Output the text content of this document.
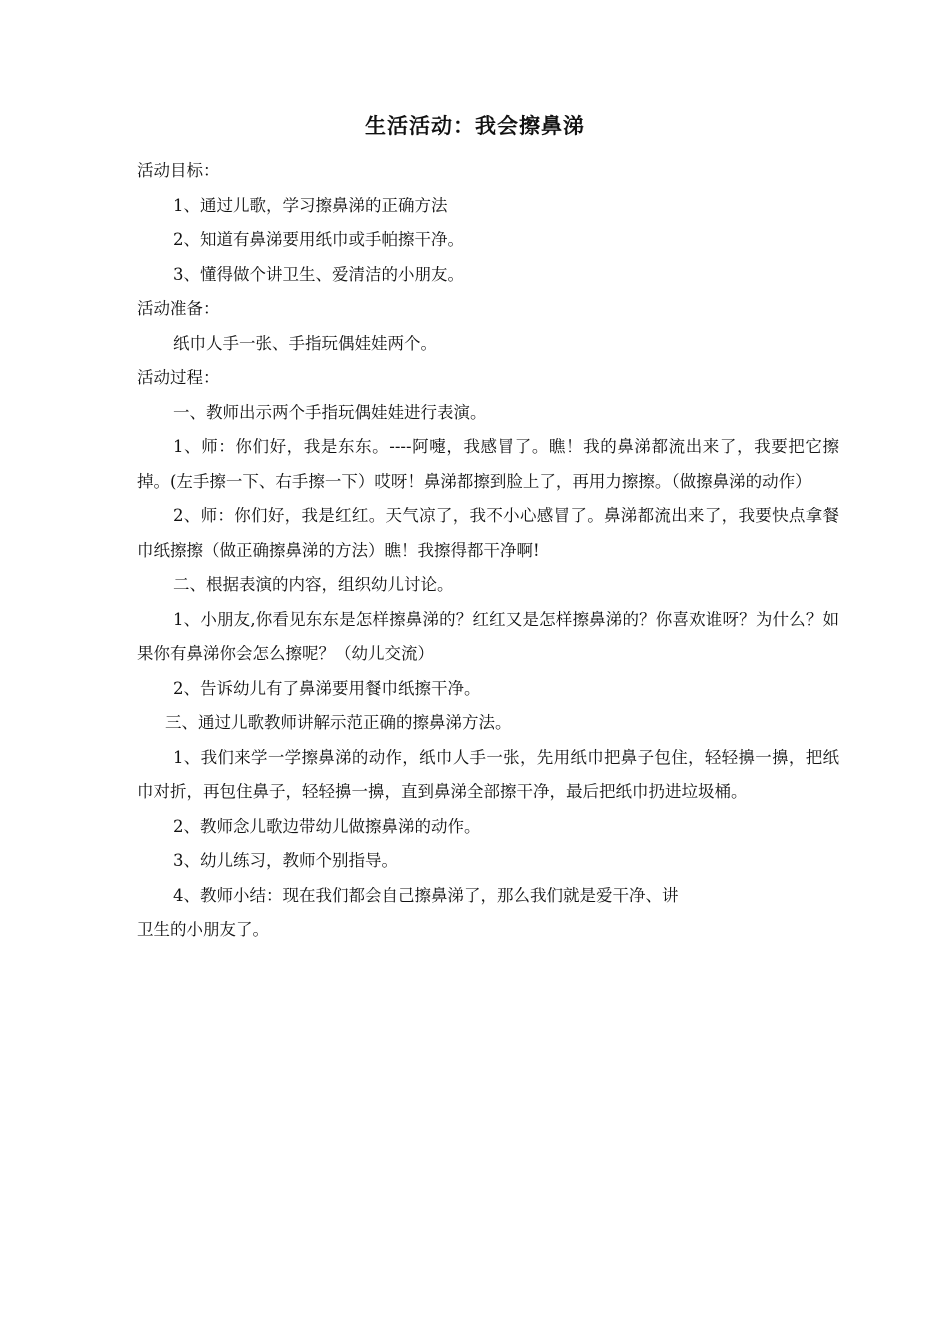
生活活动：我会擦鼻涕

活动目标：

1、通过儿歌，学习擦鼻涕的正确方法

2、知道有鼻涕要用纸巾或手帕擦干净。

3、懂得做个讲卫生、爱清洁的小朋友。

活动准备：

纸巾人手一张、手指玩偶娃娃两个。

活动过程：

一、教师出示两个手指玩偶娃娃进行表演。

1、师：你们好，我是东东。----阿嚏，我感冒了。瞧！我的鼻涕都流出来了，我要把它擦掉。(左手擦一下、右手擦一下）哎呀！鼻涕都擦到脸上了，再用力擦擦。（做擦鼻涕的动作）

2、师：你们好，我是红红。天气凉了，我不小心感冒了。鼻涕都流出来了，我要快点拿餐巾纸擦擦（做正确擦鼻涕的方法）瞧！我擦得都干净啊!

二、根据表演的内容，组织幼儿讨论。

1、小朋友,你看见东东是怎样擦鼻涕的？红红又是怎样擦鼻涕的？你喜欢谁呀？为什么？如果你有鼻涕你会怎么擦呢？（幼儿交流）

2、告诉幼儿有了鼻涕要用餐巾纸擦干净。

三、通过儿歌教师讲解示范正确的擦鼻涕方法。

1、我们来学一学擦鼻涕的动作，纸巾人手一张，先用纸巾把鼻子包住，轻轻擤一擤，把纸巾对折，再包住鼻子，轻轻擤一擤，直到鼻涕全部擦干净，最后把纸巾扔进垃圾桶。

2、教师念儿歌边带幼儿做擦鼻涕的动作。

3、幼儿练习，教师个别指导。

4、教师小结：现在我们都会自己擦鼻涕了，那么我们就是爱干净、讲

卫生的小朋友了。
